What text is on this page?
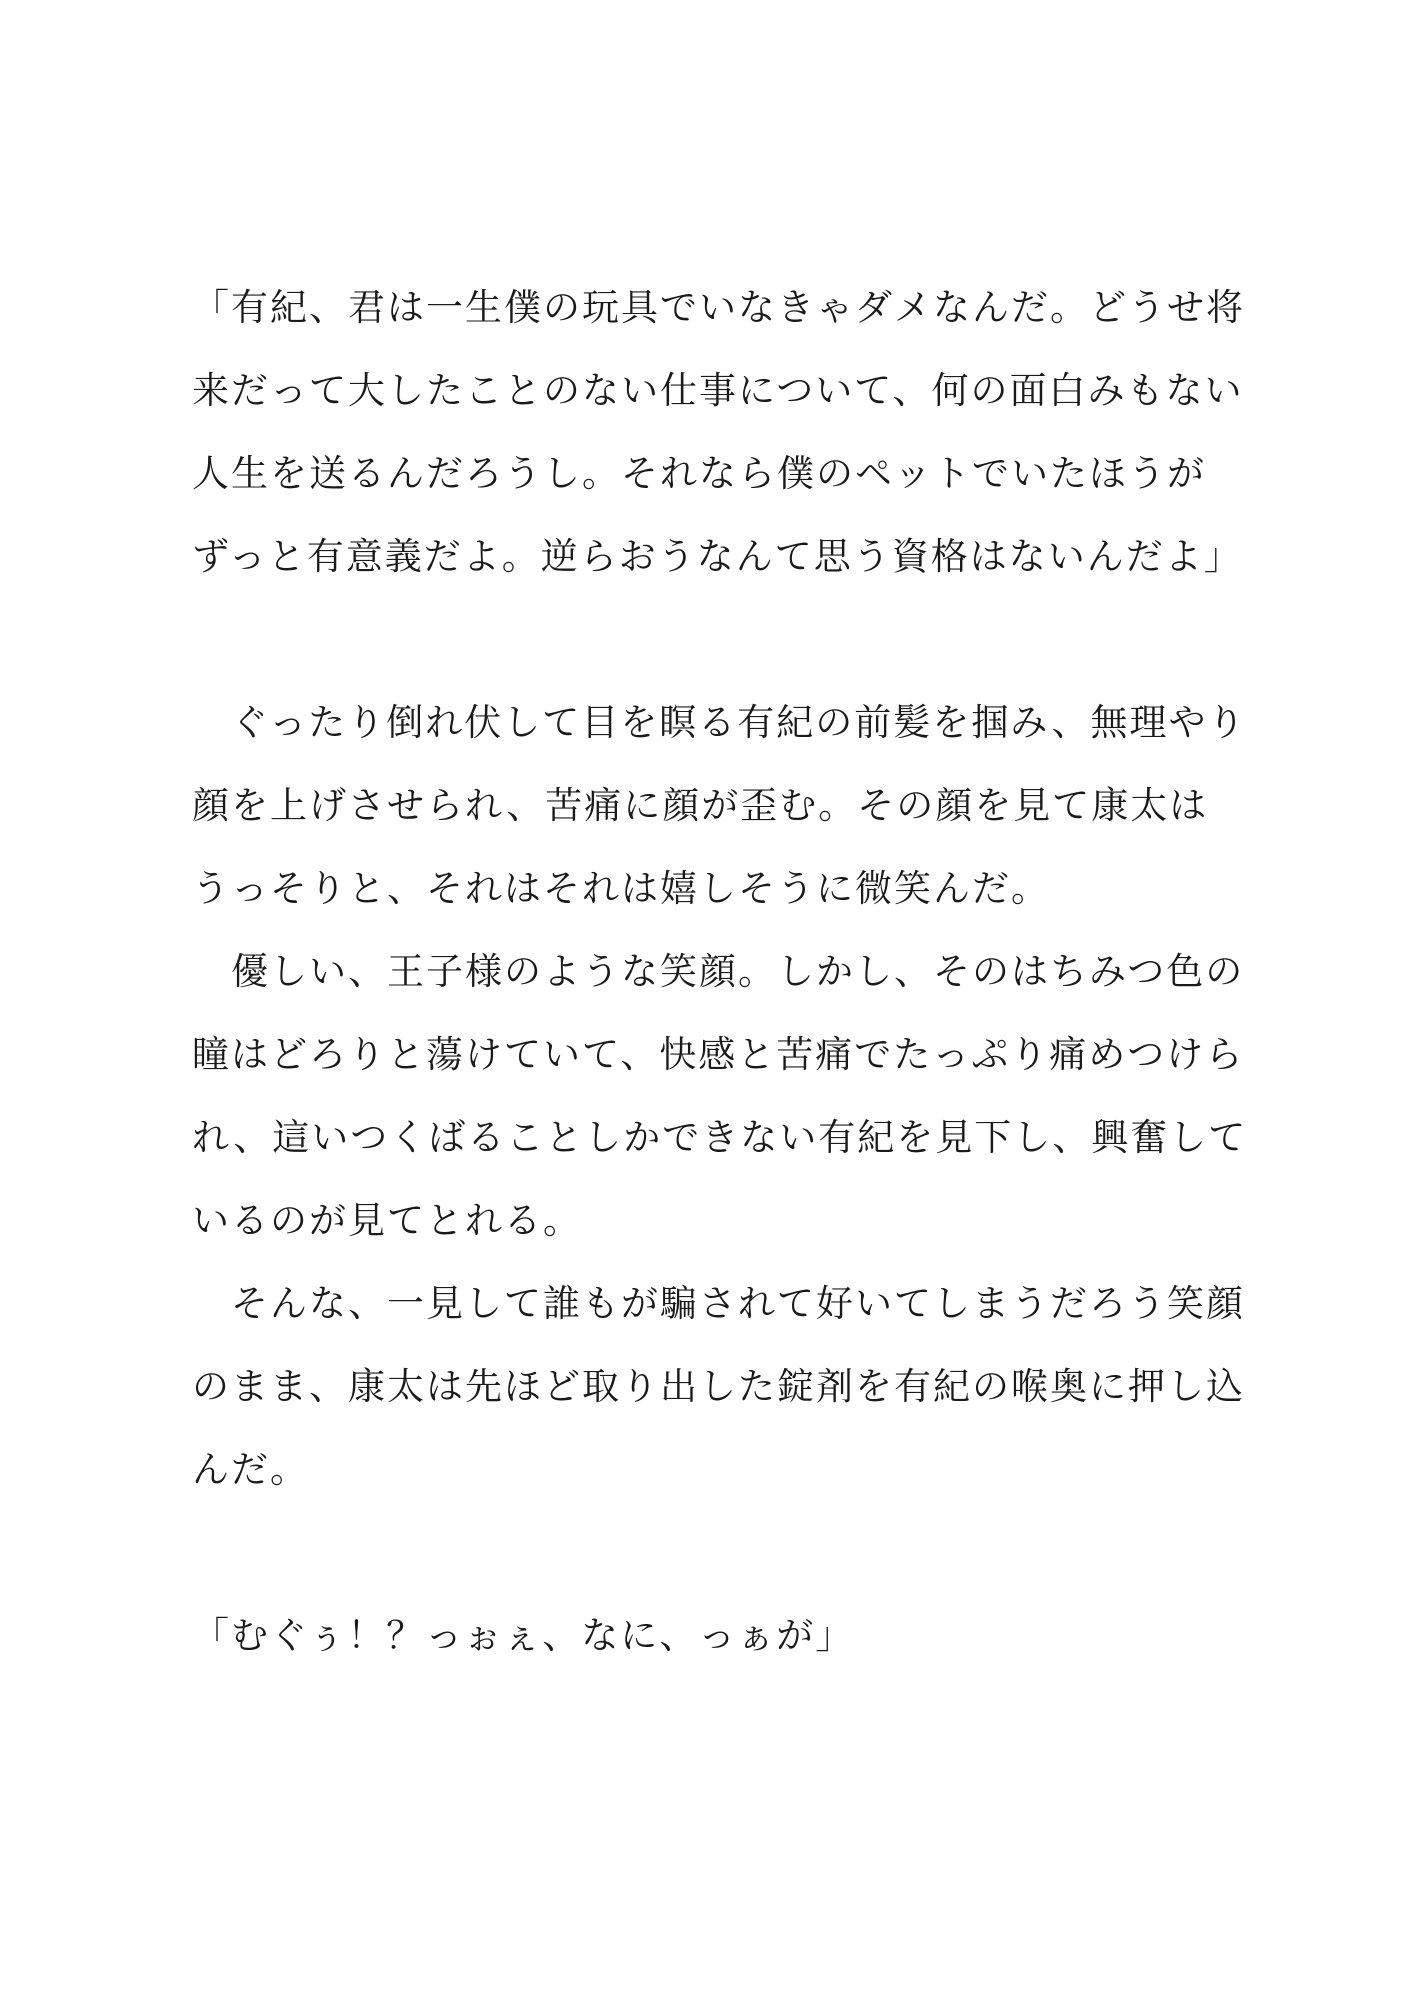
「有紀、君は一生僕の玩具でいなきゃダメなんだ。どうせ将
来だって大したことのない仕事について、何の面白みもない
人生を送るんだろうし。それなら僕のペットでいたほうが
ずっと有意義だよ。逆らおうなんて思う資格はないんだよ」
　ぐったり倒れ伏して目を瞑る有紀の前髪を掴み、無理やり
顔を上げさせられ、苦痛に顔が歪む。その顔を見て康太は
うっそりと、それはそれは嬉しそうに微笑んだ。
　優しい、王子様のような笑顔。しかし、そのはちみつ色の
瞳はどろりと蕩けていて、快感と苦痛でたっぷり痛めつけら
れ、這いつくばることしかできない有紀を見下し、興奮して
いるのが見てとれる。
　そんな、一見して誰もが騙されて好いてしまうだろう笑顔
のまま、康太は先ほど取り出した錠剤を有紀の喉奥に押し込
んだ。
「むぐぅ！？っぉぇ、なに、っぁが」
